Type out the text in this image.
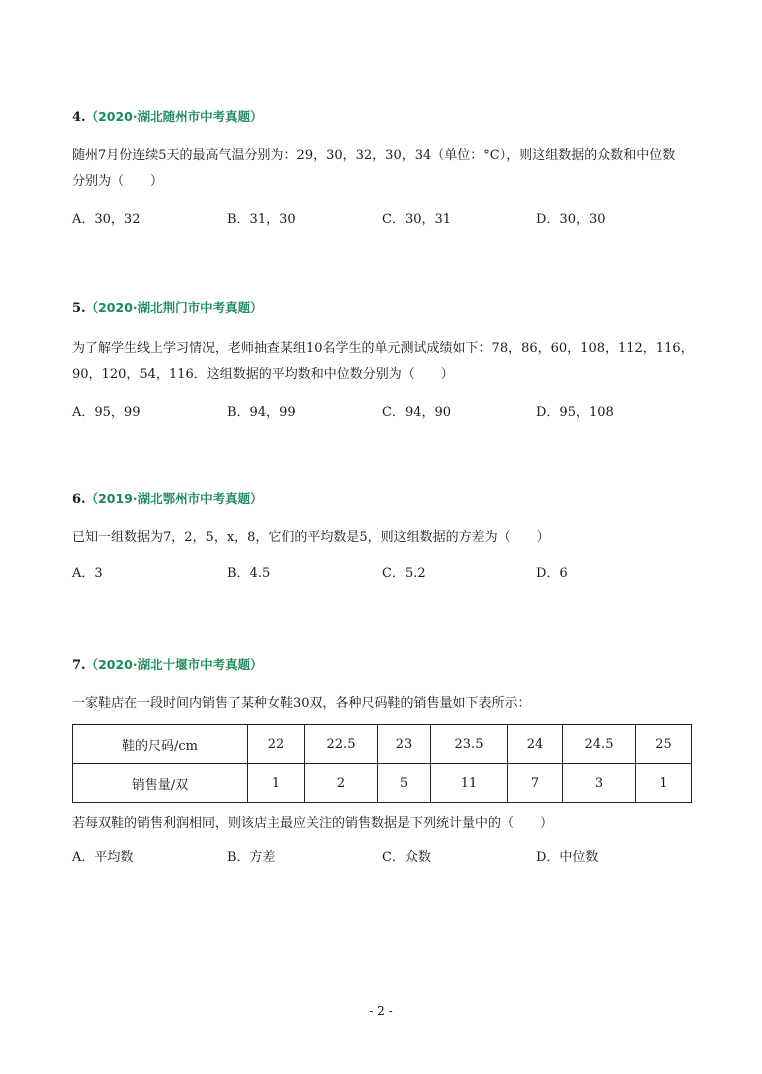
4.（2020·湖北随州市中考真题）
随州7月份连续5天的最高气温分别为：29，30，32，30，34（单位：°C），则这组数据的众数和中位数
分别为（　　）
A．30，32	B．31，30	C．30，31	D．30，30
5.（2020·湖北荆门市中考真题）
为了解学生线上学习情况，老师抽查某组10名学生的单元测试成绩如下：78，86，60，108，112，116，
90，120，54，116．这组数据的平均数和中位数分别为（　　）
A．95，99	B．94，99	C．94，90	D．95，108
6.（2019·湖北鄂州市中考真题）
已知一组数据为7，2，5，x，8，它们的平均数是5，则这组数据的方差为（　　）
A．3	B．4.5	C．5.2	D．6
7.（2020·湖北十堰市中考真题）
一家鞋店在一段时间内销售了某种女鞋30双，各种尺码鞋的销售量如下表所示：
鞋的尺码/cm	22	22.5	23	23.5	24	24.5	25
销售量/双	1	2	5	11	7	3	1
若每双鞋的销售利润相同，则该店主最应关注的销售数据是下列统计量中的（　　）
A．平均数	B．方差	C．众数	D．中位数
- 2 -
